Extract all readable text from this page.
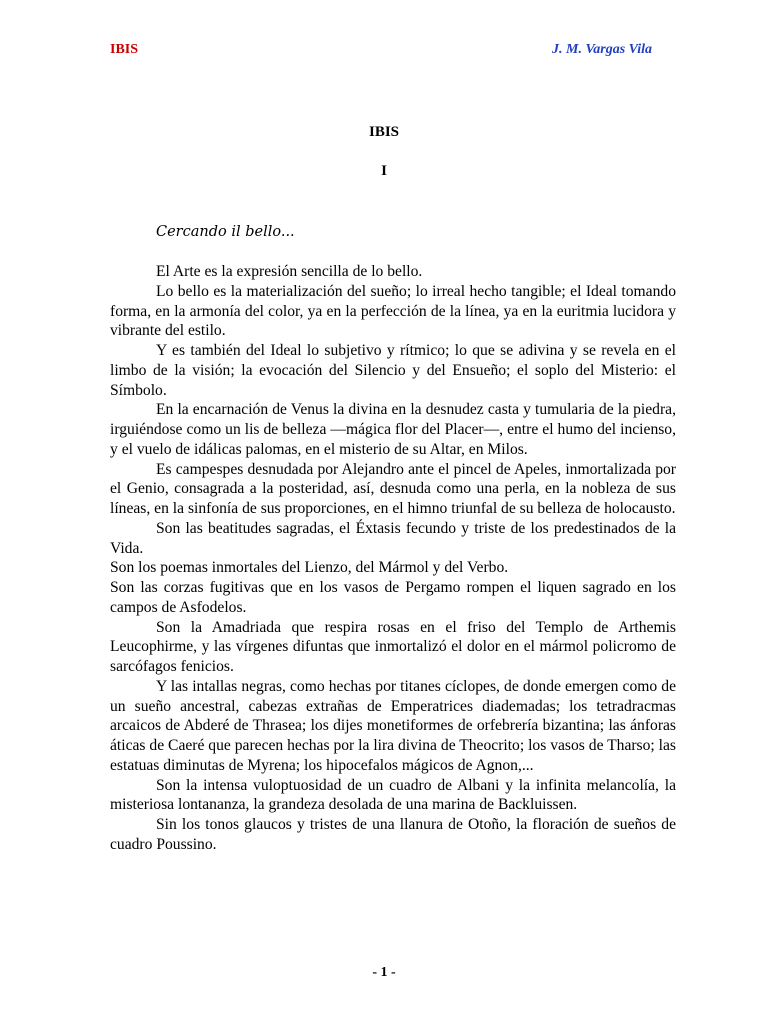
IBIS	J. M. Vargas Vila
IBIS
I
Cercando il bello...

El Arte es la expresión sencilla de lo bello.

Lo bello es la materialización del sueño; lo irreal hecho tangible; el Ideal tomando forma, en la armonía del color, ya en la perfección de la línea, ya en la euritmia lucidora y vibrante del estilo.

Y es también del Ideal lo subjetivo y rítmico; lo que se adivina y se revela en el limbo de la visión; la evocación del Silencio y del Ensueño; el soplo del Misterio: el Símbolo.

En la encarnación de Venus la divina en la desnudez casta y tumularia de la piedra, irguiéndose como un lis de belleza —mágica flor del Placer—, entre el humo del incienso, y el vuelo de idálicas palomas, en el misterio de su Altar, en Milos.

Es campespes desnudada por Alejandro ante el pincel de Apeles, inmortalizada por el Genio, consagrada a la posteridad, así, desnuda como una perla, en la nobleza de sus líneas, en la sinfonía de sus proporciones, en el himno triunfal de su belleza de holocausto.

Son las beatitudes sagradas, el Éxtasis fecundo y triste de los predestinados de la Vida.

Son los poemas inmortales del Lienzo, del Mármol y del Verbo.

Son las corzas fugitivas que en los vasos de Pergamo rompen el liquen sagrado en los campos de Asfodelos.

Son la Amadriada que respira rosas en el friso del Templo de Arthemis Leucophirme, y las vírgenes difuntas que inmortalizó el dolor en el mármol policromo de sarcófagos fenicios.

Y las intallas negras, como hechas por titanes cíclopes, de donde emergen como de un sueño ancestral, cabezas extrañas de Emperatrices diademadas; los tetradracmas arcaicos de Abderé de Thrasea; los dijes monetiformes de orfebrería bizantina; las ánforas áticas de Caeré que parecen hechas por la lira divina de Theocrito; los vasos de Tharso; las estatuas diminutas de Myrena; los hipocefalos mágicos de Agnon,...

Son la intensa vuloptuosidad de un cuadro de Albani y la infinita melancolía, la misteriosa lontananza, la grandeza desolada de una marina de Backluissen.

Sin los tonos glaucos y tristes de una llanura de Otoño, la floración de sueños de cuadro Poussino.

- 1 -
